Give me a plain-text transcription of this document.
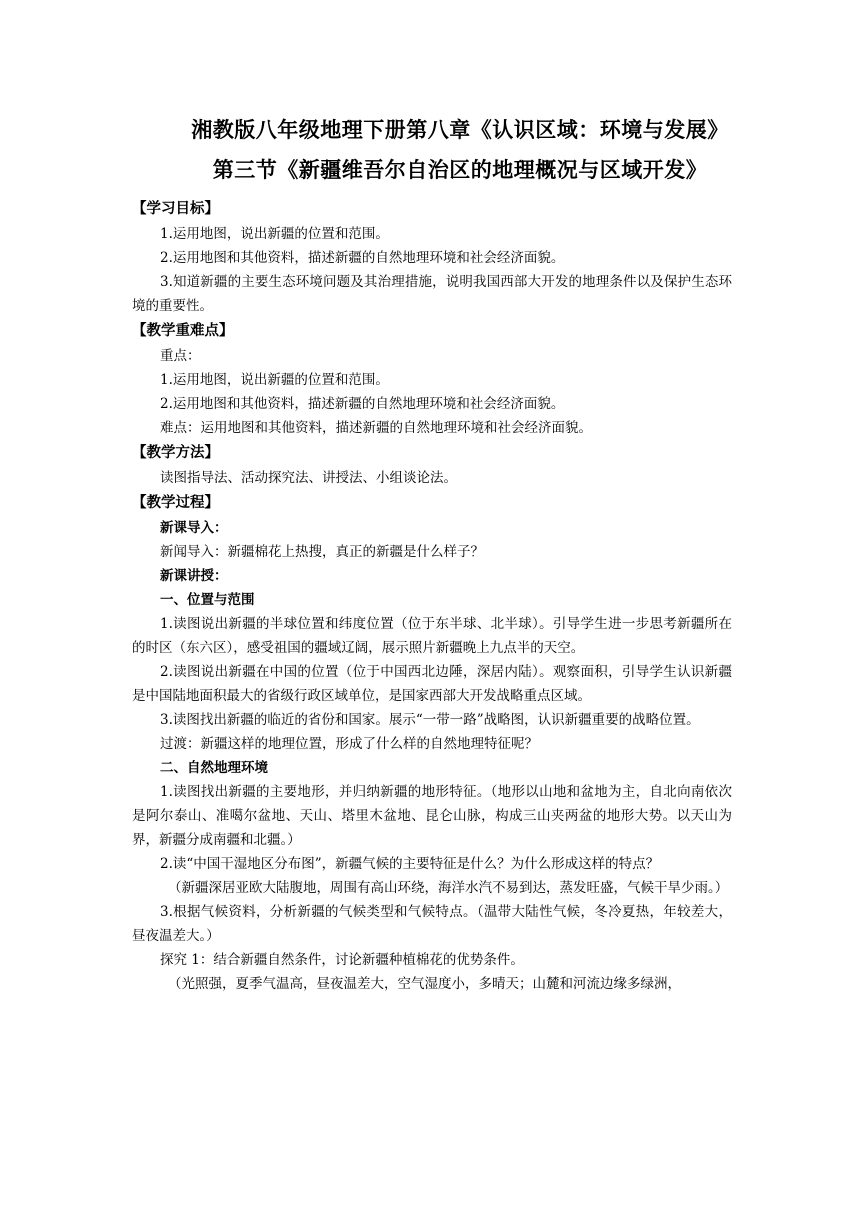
湘教版八年级地理下册第八章《认识区域：环境与发展》
第三节《新疆维吾尔自治区的地理概况与区域开发》

【学习目标】

1.运用地图，说出新疆的位置和范围。

2.运用地图和其他资料，描述新疆的自然地理环境和社会经济面貌。

3.知道新疆的主要生态环境问题及其治理措施，说明我国西部大开发的地理条件以及保护生态环境的重要性。

【教学重难点】

重点：

1.运用地图，说出新疆的位置和范围。

2.运用地图和其他资料，描述新疆的自然地理环境和社会经济面貌。

难点：运用地图和其他资料，描述新疆的自然地理环境和社会经济面貌。

【教学方法】

读图指导法、活动探究法、讲授法、小组谈论法。

【教学过程】

新课导入：

新闻导入：新疆棉花上热搜，真正的新疆是什么样子？

新课讲授：

一、位置与范围

1.读图说出新疆的半球位置和纬度位置（位于东半球、北半球）。引导学生进一步思考新疆所在的时区（东六区），感受祖国的疆域辽阔，展示照片新疆晚上九点半的天空。

2.读图说出新疆在中国的位置（位于中国西北边陲，深居内陆）。观察面积，引导学生认识新疆是中国陆地面积最大的省级行政区域单位，是国家西部大开发战略重点区域。

3.读图找出新疆的临近的省份和国家。展示“一带一路”战略图，认识新疆重要的战略位置。

过渡：新疆这样的地理位置，形成了什么样的自然地理特征呢？

二、自然地理环境

1.读图找出新疆的主要地形，并归纳新疆的地形特征。（地形以山地和盆地为主，自北向南依次是阿尔泰山、准噶尔盆地、天山、塔里木盆地、昆仑山脉，构成三山夹两盆的地形大势。以天山为界，新疆分成南疆和北疆。）

2.读“中国干湿地区分布图”，新疆气候的主要特征是什么？为什么形成这样的特点？

（新疆深居亚欧大陆腹地，周围有高山环绕，海洋水汽不易到达，蒸发旺盛，气候干旱少雨。）

3.根据气候资料，分析新疆的气候类型和气候特点。（温带大陆性气候，冬冷夏热，年较差大，昼夜温差大。）

探究 1：结合新疆自然条件，讨论新疆种植棉花的优势条件。

（光照强，夏季气温高，昼夜温差大，空气湿度小，多晴天；山麓和河流边缘多绿洲，
